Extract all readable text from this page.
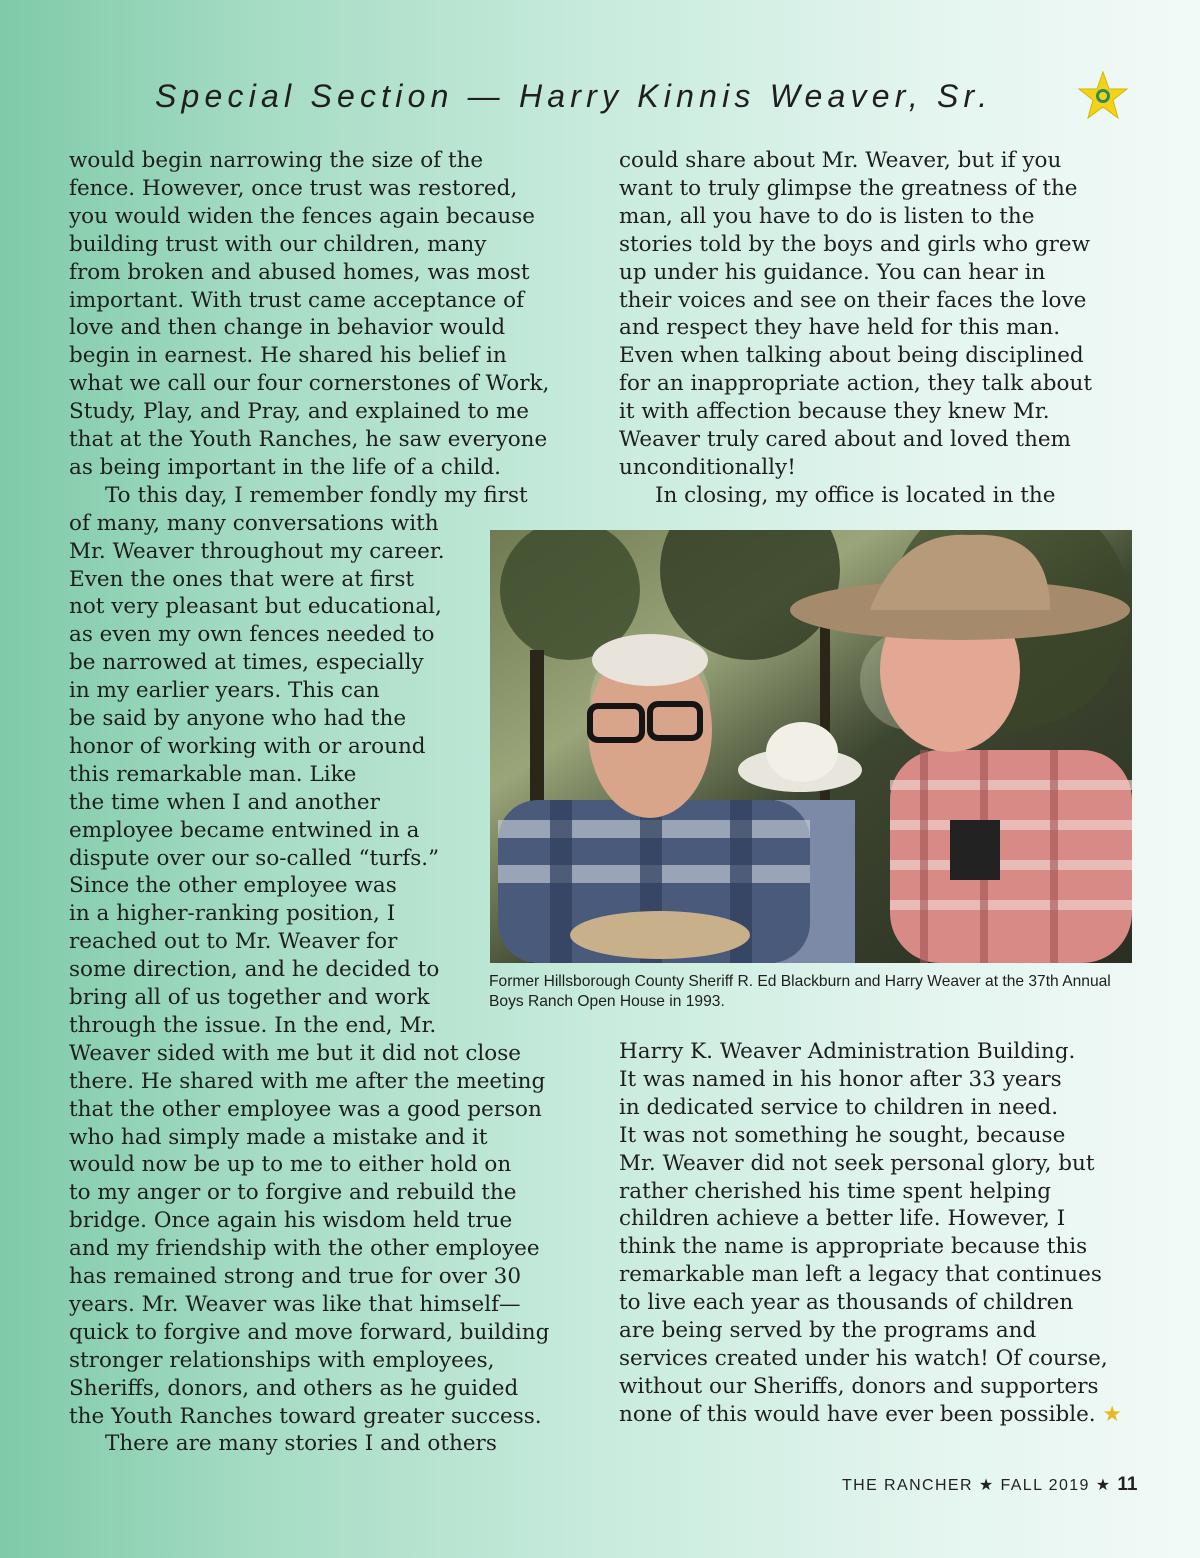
Special Section — Harry Kinnis Weaver, Sr.
would begin narrowing the size of the
fence. However, once trust was restored,
you would widen the fences again because
building trust with our children, many
from broken and abused homes, was most
important. With trust came acceptance of
love and then change in behavior would
begin in earnest. He shared his belief in
what we call our four cornerstones of Work,
Study, Play, and Pray, and explained to me
that at the Youth Ranches, he saw everyone
as being important in the life of a child.
To this day, I remember fondly my first
of many, many conversations with
Mr. Weaver throughout my career.
Even the ones that were at first
not very pleasant but educational,
as even my own fences needed to
be narrowed at times, especially
in my earlier years. This can
be said by anyone who had the
honor of working with or around
this remarkable man. Like
the time when I and another
employee became entwined in a
dispute over our so-called “turfs.”
Since the other employee was
in a higher-ranking position, I
reached out to Mr. Weaver for
some direction, and he decided to
bring all of us together and work
through the issue. In the end, Mr.
Weaver sided with me but it did not close
there. He shared with me after the meeting
that the other employee was a good person
who had simply made a mistake and it
would now be up to me to either hold on
to my anger or to forgive and rebuild the
bridge. Once again his wisdom held true
and my friendship with the other employee
has remained strong and true for over 30
years. Mr. Weaver was like that himself—
quick to forgive and move forward, building
stronger relationships with employees,
Sheriffs, donors, and others as he guided
the Youth Ranches toward greater success.
There are many stories I and others
could share about Mr. Weaver, but if you
want to truly glimpse the greatness of the
man, all you have to do is listen to the
stories told by the boys and girls who grew
up under his guidance. You can hear in
their voices and see on their faces the love
and respect they have held for this man.
Even when talking about being disciplined
for an inappropriate action, they talk about
it with affection because they knew Mr.
Weaver truly cared about and loved them
unconditionally!
In closing, my office is located in the
Harry K. Weaver Administration Building.
It was named in his honor after 33 years
in dedicated service to children in need.
It was not something he sought, because
Mr. Weaver did not seek personal glory, but
rather cherished his time spent helping
children achieve a better life. However, I
think the name is appropriate because this
remarkable man left a legacy that continues
to live each year as thousands of children
are being served by the programs and
services created under his watch! Of course,
without our Sheriffs, donors and supporters
none of this would have ever been possible. ★
Former Hillsborough County Sheriff R. Ed Blackburn and Harry Weaver at the 37th Annual Boys Ranch Open House in 1993.
THE RANCHER ★ FALL 2019 ★ 11
